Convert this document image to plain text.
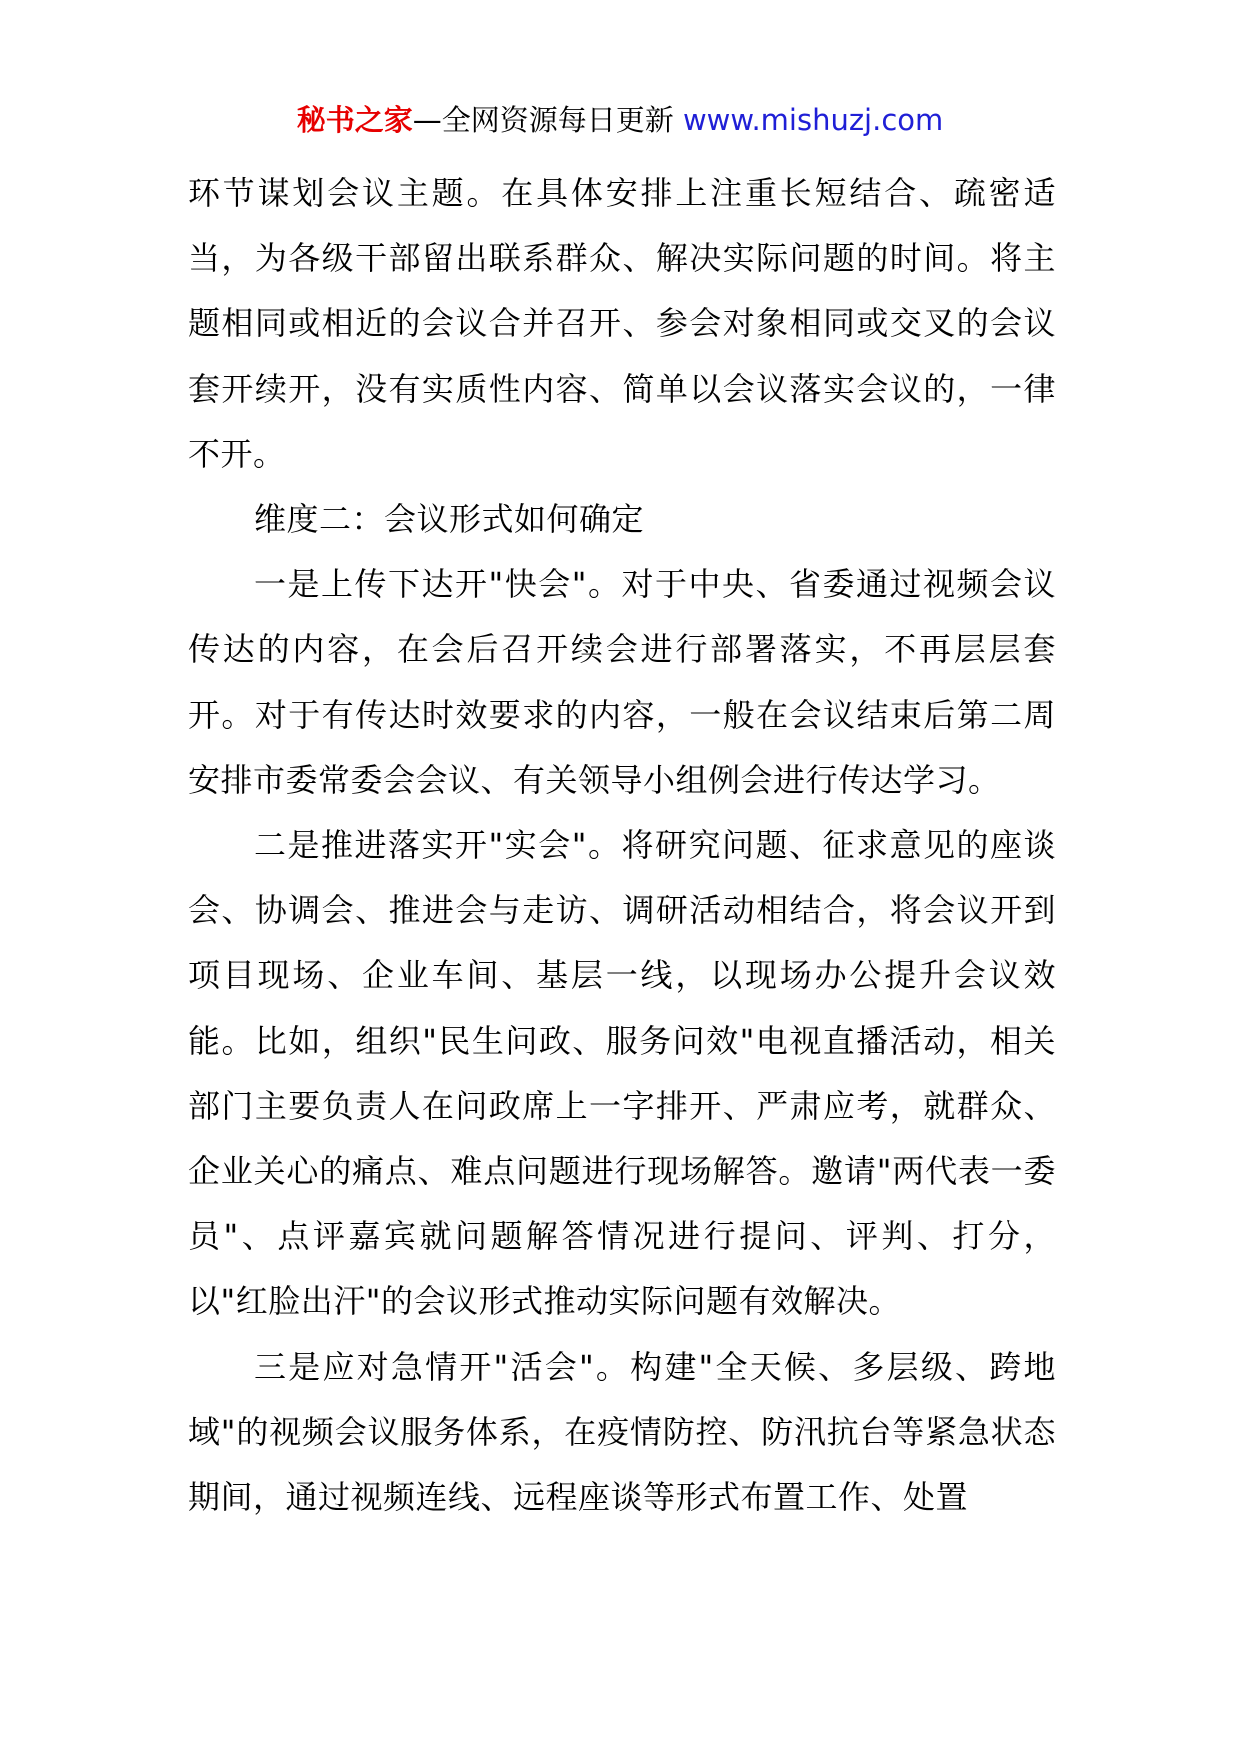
秘书之家—全网资源每日更新 www.mishuzj.com

环节谋划会议主题。在具体安排上注重长短结合、疏密适当，为各级干部留出联系群众、解决实际问题的时间。将主题相同或相近的会议合并召开、参会对象相同或交叉的会议套开续开，没有实质性内容、简单以会议落实会议的，一律不开。

维度二：会议形式如何确定

一是上传下达开"快会"。对于中央、省委通过视频会议传达的内容，在会后召开续会进行部署落实，不再层层套开。对于有传达时效要求的内容，一般在会议结束后第二周安排市委常委会会议、有关领导小组例会进行传达学习。

二是推进落实开"实会"。将研究问题、征求意见的座谈会、协调会、推进会与走访、调研活动相结合，将会议开到项目现场、企业车间、基层一线，以现场办公提升会议效能。比如，组织"民生问政、服务问效"电视直播活动，相关部门主要负责人在问政席上一字排开、严肃应考，就群众、企业关心的痛点、难点问题进行现场解答。邀请"两代表一委员"、点评嘉宾就问题解答情况进行提问、评判、打分，以"红脸出汗"的会议形式推动实际问题有效解决。

三是应对急情开"活会"。构建"全天候、多层级、跨地域"的视频会议服务体系，在疫情防控、防汛抗台等紧急状态期间，通过视频连线、远程座谈等形式布置工作、处置
